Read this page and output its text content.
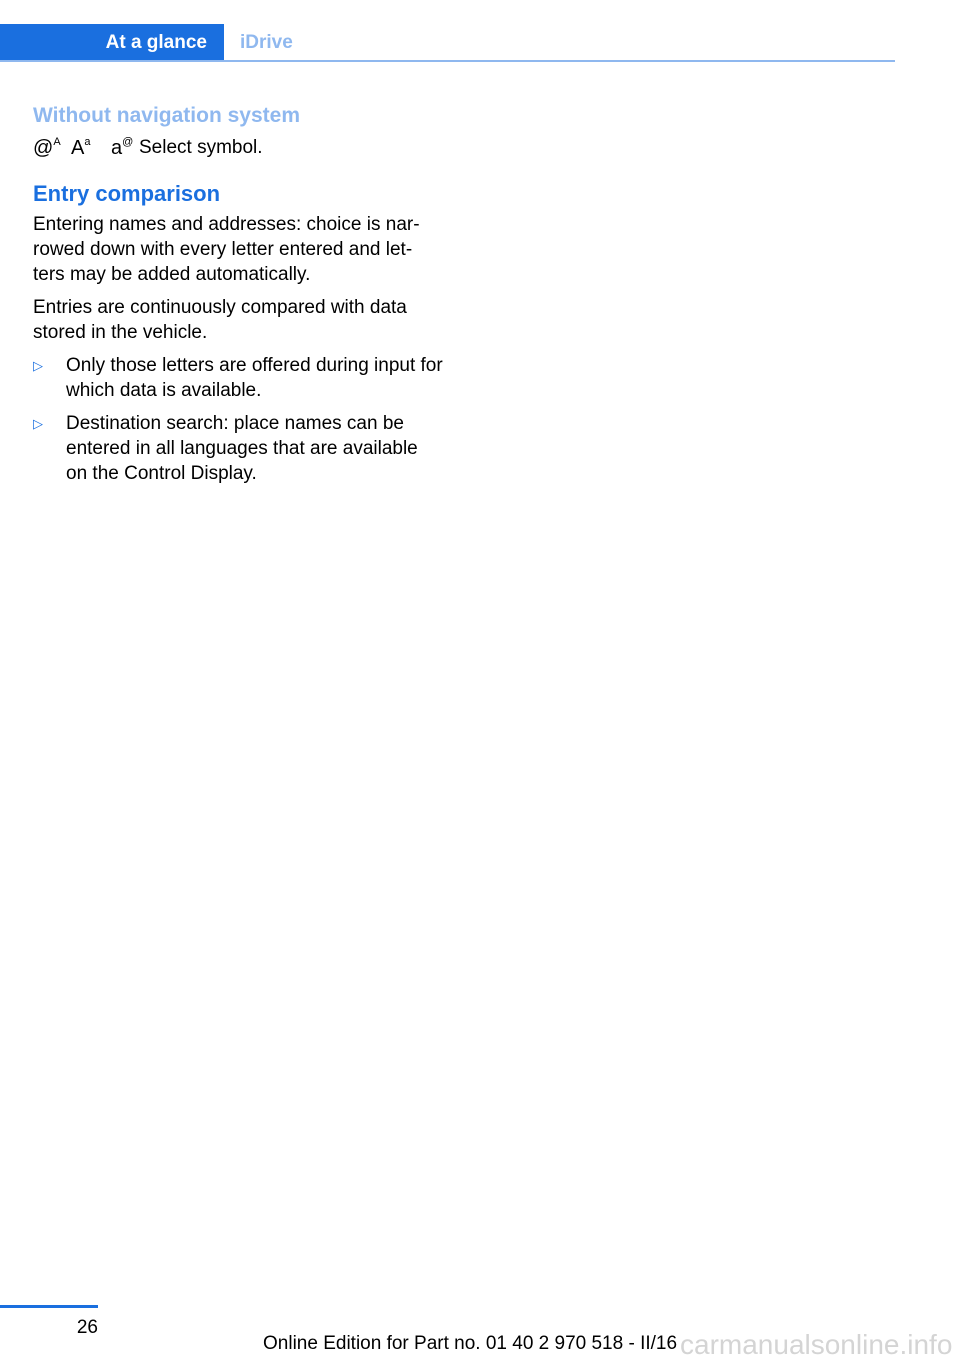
At a glance	iDrive
Without navigation system
@$^A$ $A^a$	a@ Select symbol.
Entry comparison

Entering names and addresses: choice is nar‐ rowed down with every letter entered and let‐ ters may be added automatically.

Entries are continuously compared with data stored in the vehicle.

▷	Only those letters are offered during input for which data is available.
▷	Destination search: place names can be entered in all languages that are available on the Control Display.
26
Online Edition for Part no. 01 40 2 970 518 - II/16 carmanualsonline.info
